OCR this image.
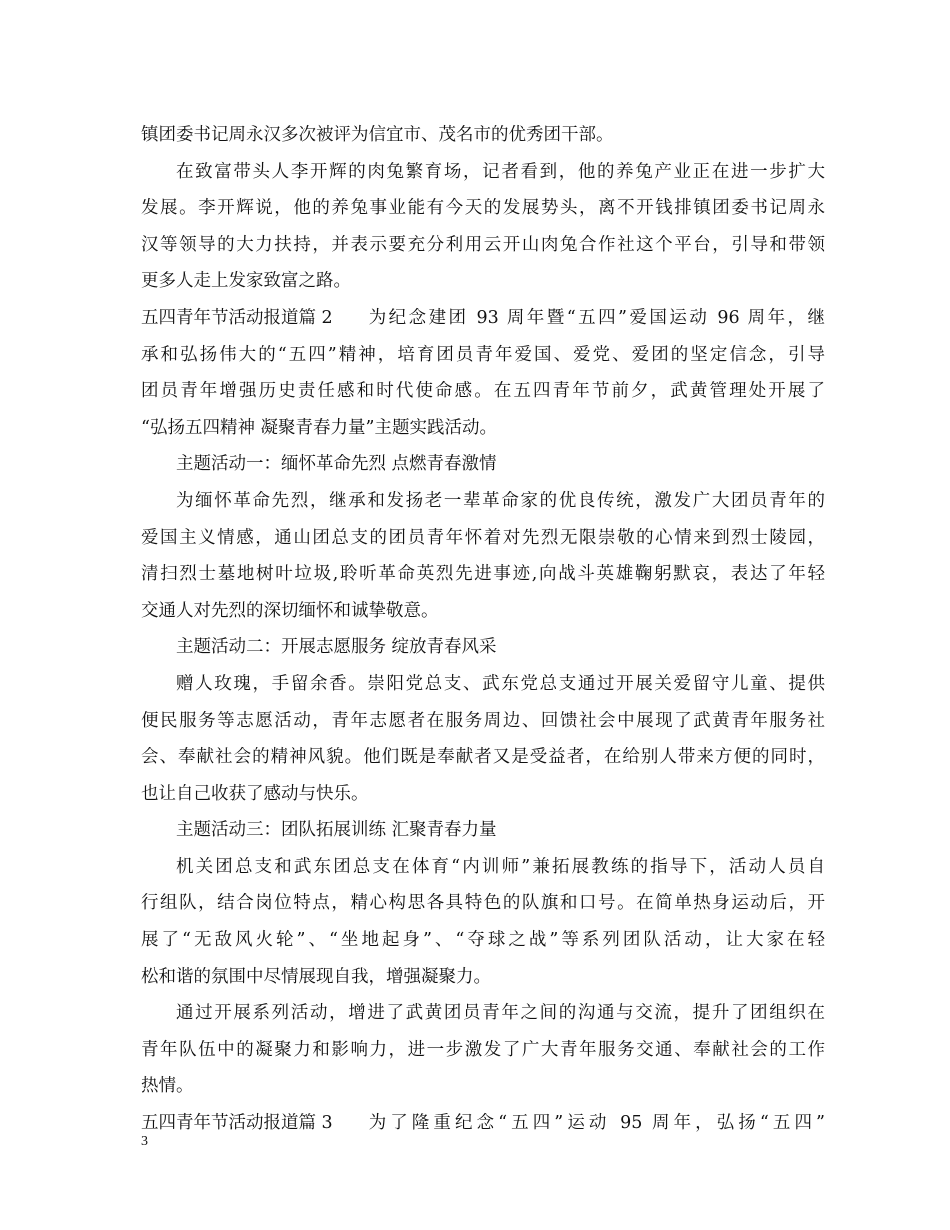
镇团委书记周永汉多次被评为信宜市、茂名市的优秀团干部。
在致富带头人李开辉的肉兔繁育场，记者看到，他的养兔产业正在进一步扩大
发展。李开辉说，他的养兔事业能有今天的发展势头，离不开钱排镇团委书记周永
汉等领导的大力扶持，并表示要充分利用云开山肉兔合作社这个平台，引导和带领
更多人走上发家致富之路。
五四青年节活动报道篇 2 为纪念建团 93 周年暨“五四”爱国运动 96 周年，继
承和弘扬伟大的“五四”精神，培育团员青年爱国、爱党、爱团的坚定信念，引导
团员青年增强历史责任感和时代使命感。在五四青年节前夕，武黄管理处开展了
“弘扬五四精神 凝聚青春力量”主题实践活动。
主题活动一：缅怀革命先烈 点燃青春激情
为缅怀革命先烈，继承和发扬老一辈革命家的优良传统，激发广大团员青年的
爱国主义情感，通山团总支的团员青年怀着对先烈无限崇敬的心情来到烈士陵园，
清扫烈士墓地树叶垃圾,聆听革命英烈先进事迹,向战斗英雄鞠躬默哀，表达了年轻
交通人对先烈的深切缅怀和诚挚敬意。
主题活动二：开展志愿服务 绽放青春风采
赠人玫瑰，手留余香。崇阳党总支、武东党总支通过开展关爱留守儿童、提供
便民服务等志愿活动，青年志愿者在服务周边、回馈社会中展现了武黄青年服务社
会、奉献社会的精神风貌。他们既是奉献者又是受益者，在给别人带来方便的同时，
也让自己收获了感动与快乐。
主题活动三：团队拓展训练 汇聚青春力量
机关团总支和武东团总支在体育“内训师”兼拓展教练的指导下，活动人员自
行组队，结合岗位特点，精心构思各具特色的队旗和口号。在简单热身运动后，开
展了“无敌风火轮”、“坐地起身”、“夺球之战”等系列团队活动，让大家在轻
松和谐的氛围中尽情展现自我，增强凝聚力。
通过开展系列活动，增进了武黄团员青年之间的沟通与交流，提升了团组织在
青年队伍中的凝聚力和影响力，进一步激发了广大青年服务交通、奉献社会的工作
热情。
五四青年节活动报道篇 3 为了隆重纪念“五四”运动 95 周年，弘扬“五四”
3
